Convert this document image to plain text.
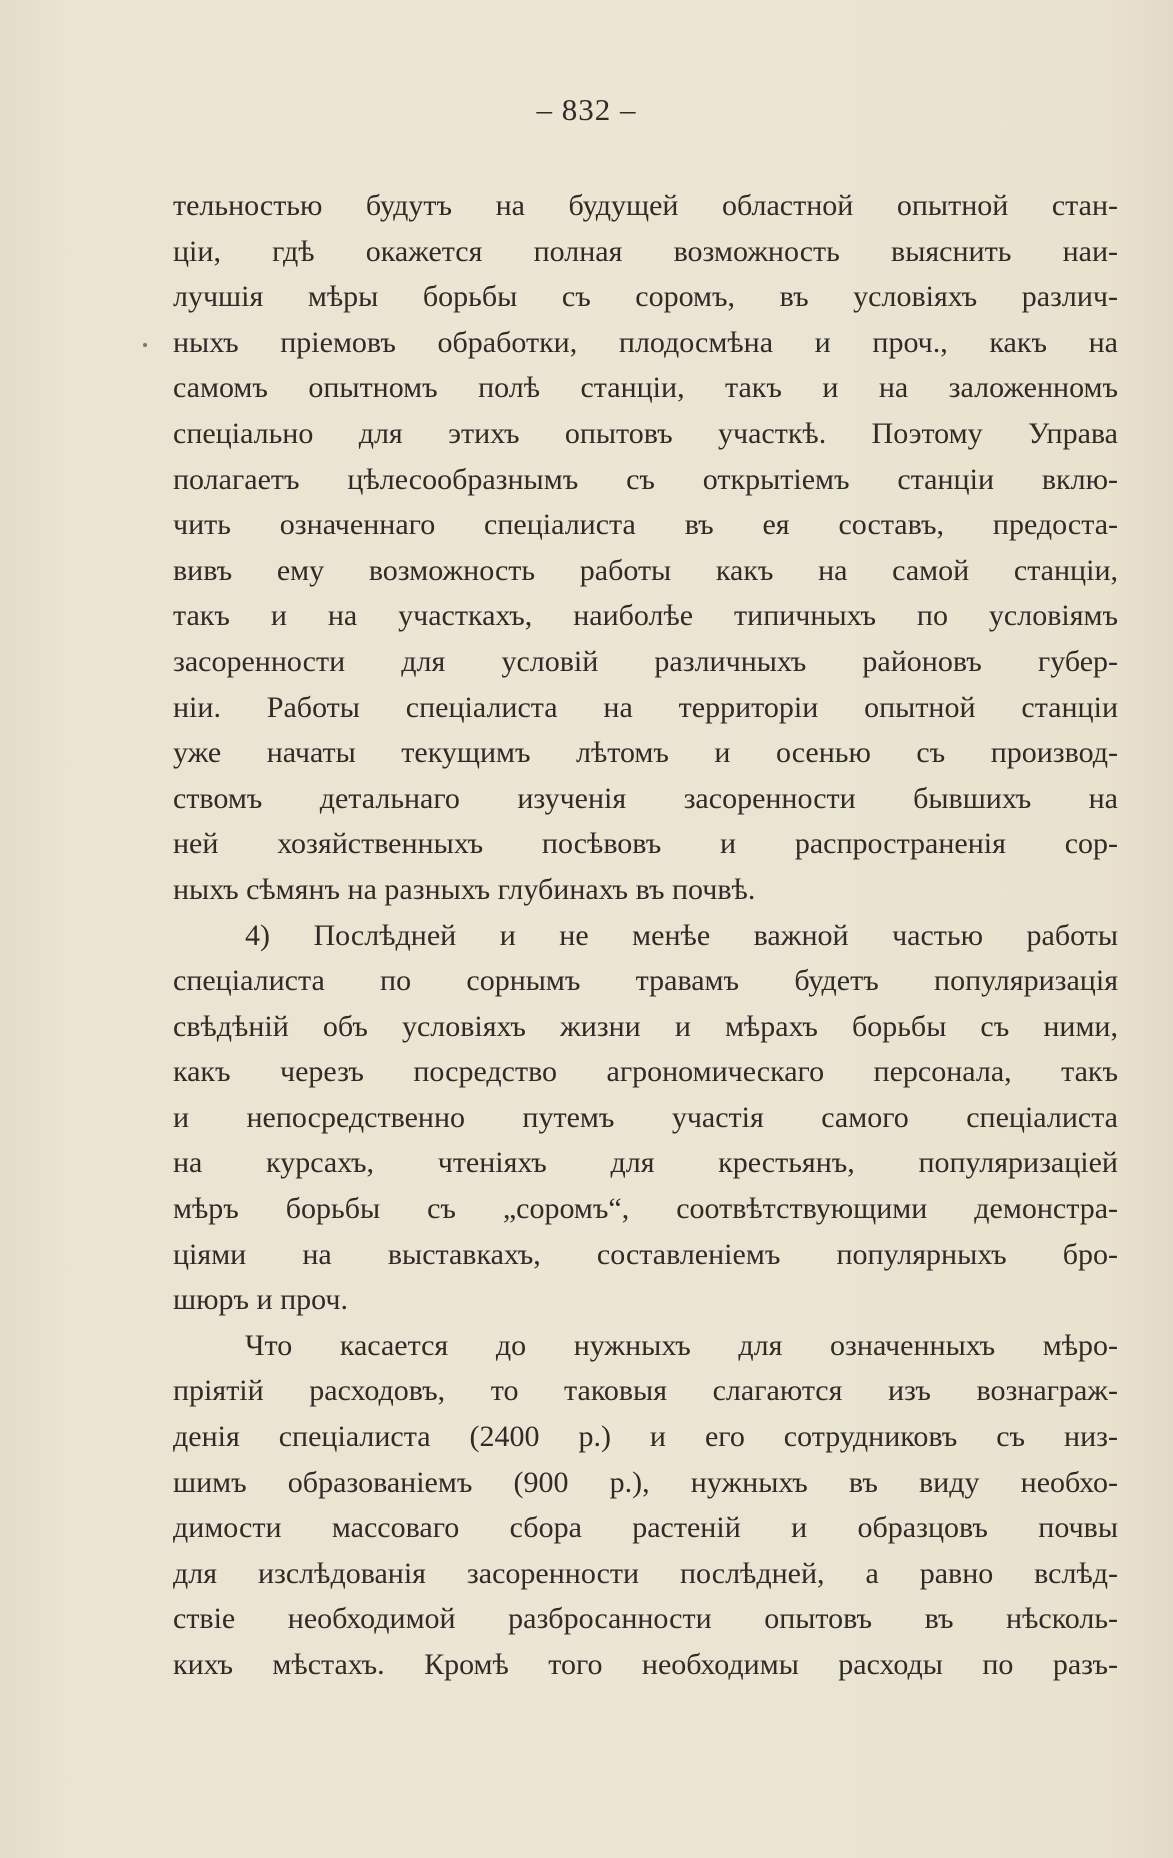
– 832 –
тельностью будутъ на будущей областной опытной стан-
ціи, гдѣ окажется полная возможность выяснить наи-
лучшія мѣры борьбы съ соромъ, въ условіяхъ различ-
ныхъ пріемовъ обработки, плодосмѣна и проч., какъ на
самомъ опытномъ полѣ станціи, такъ и на заложенномъ
спеціально для этихъ опытовъ участкѣ. Поэтому Управа
полагаетъ цѣлесообразнымъ съ открытіемъ станціи вклю-
чить означеннаго спеціалиста въ ея составъ, предоста-
вивъ ему возможность работы какъ на самой станціи,
такъ и на участкахъ, наиболѣе типичныхъ по условіямъ
засоренности для условій различныхъ районовъ губер-
ніи. Работы спеціалиста на территоріи опытной станціи
уже начаты текущимъ лѣтомъ и осенью съ производ-
ствомъ детальнаго изученія засоренности бывшихъ на
ней хозяйственныхъ посѣвовъ и распространенія сор-
ныхъ сѣмянъ на разныхъ глубинахъ въ почвѣ.
4) Послѣдней и не менѣе важной частью работы
спеціалиста по сорнымъ травамъ будетъ популяризація
свѣдѣній объ условіяхъ жизни и мѣрахъ борьбы съ ними,
какъ черезъ посредство агрономическаго персонала, такъ
и непосредственно путемъ участія самого спеціалиста
на курсахъ, чтеніяхъ для крестьянъ, популяризаціей
мѣръ борьбы съ „соромъ“, соотвѣтствующими демонстра-
ціями на выставкахъ, составленіемъ популярныхъ бро-
шюръ и проч.
Что касается до нужныхъ для означенныхъ мѣро-
пріятій расходовъ, то таковыя слагаются изъ вознаграж-
денія спеціалиста (2400 р.) и его сотрудниковъ съ низ-
шимъ образованіемъ (900 р.), нужныхъ въ виду необхо-
димости массоваго сбора растеній и образцовъ почвы
для изслѣдованія засоренности послѣдней, а равно вслѣд-
ствіе необходимой разбросанности опытовъ въ нѣсколь-
кихъ мѣстахъ. Кромѣ того необходимы расходы по разъ-
